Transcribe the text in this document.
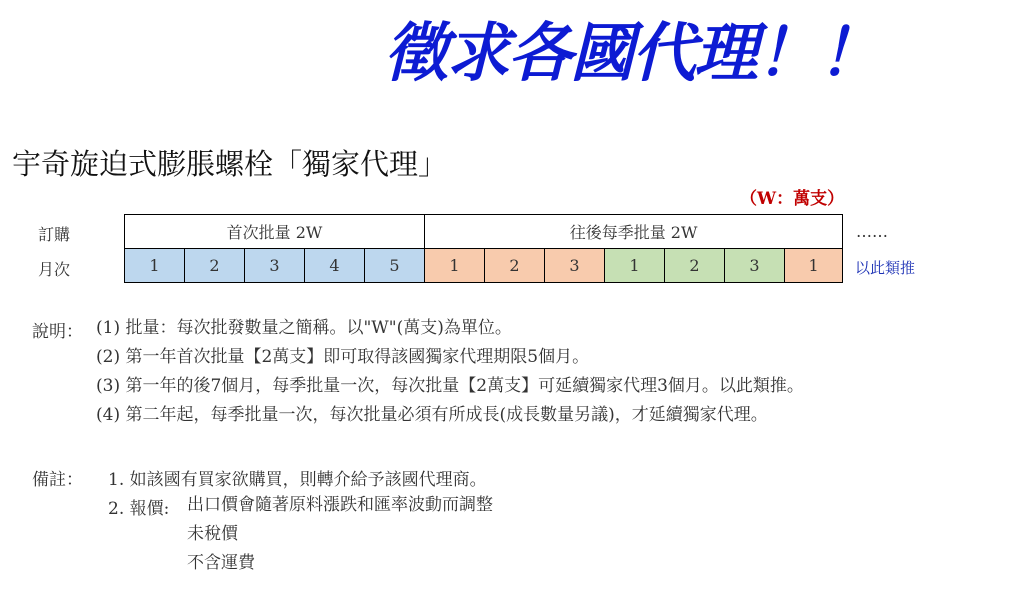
徵求各國代理！！
宇奇旋迫式膨脹螺栓「獨家代理」
（W：萬支）
訂購
月次
首次批量 2W					往後每季批量 2W						
1	2	3	4	5	1	2	3	1	2	3	1
……
以此類推
說明： (1) 批量：每次批發數量之簡稱。以"W"(萬支)為單位。
(2) 第一年首次批量【2萬支】即可取得該國獨家代理期限5個月。
(3) 第一年的後7個月，每季批量一次，每次批量【2萬支】可延續獨家代理3個月。以此類推。
(4) 第二年起，每季批量一次，每次批量必須有所成長(成長數量另議)，才延續獨家代理。
備註： 1. 如該國有買家欲購買，則轉介給予該國代理商。
2. 報價: 出口價會隨著原料漲跌和匯率波動而調整
未稅價
不含運費
